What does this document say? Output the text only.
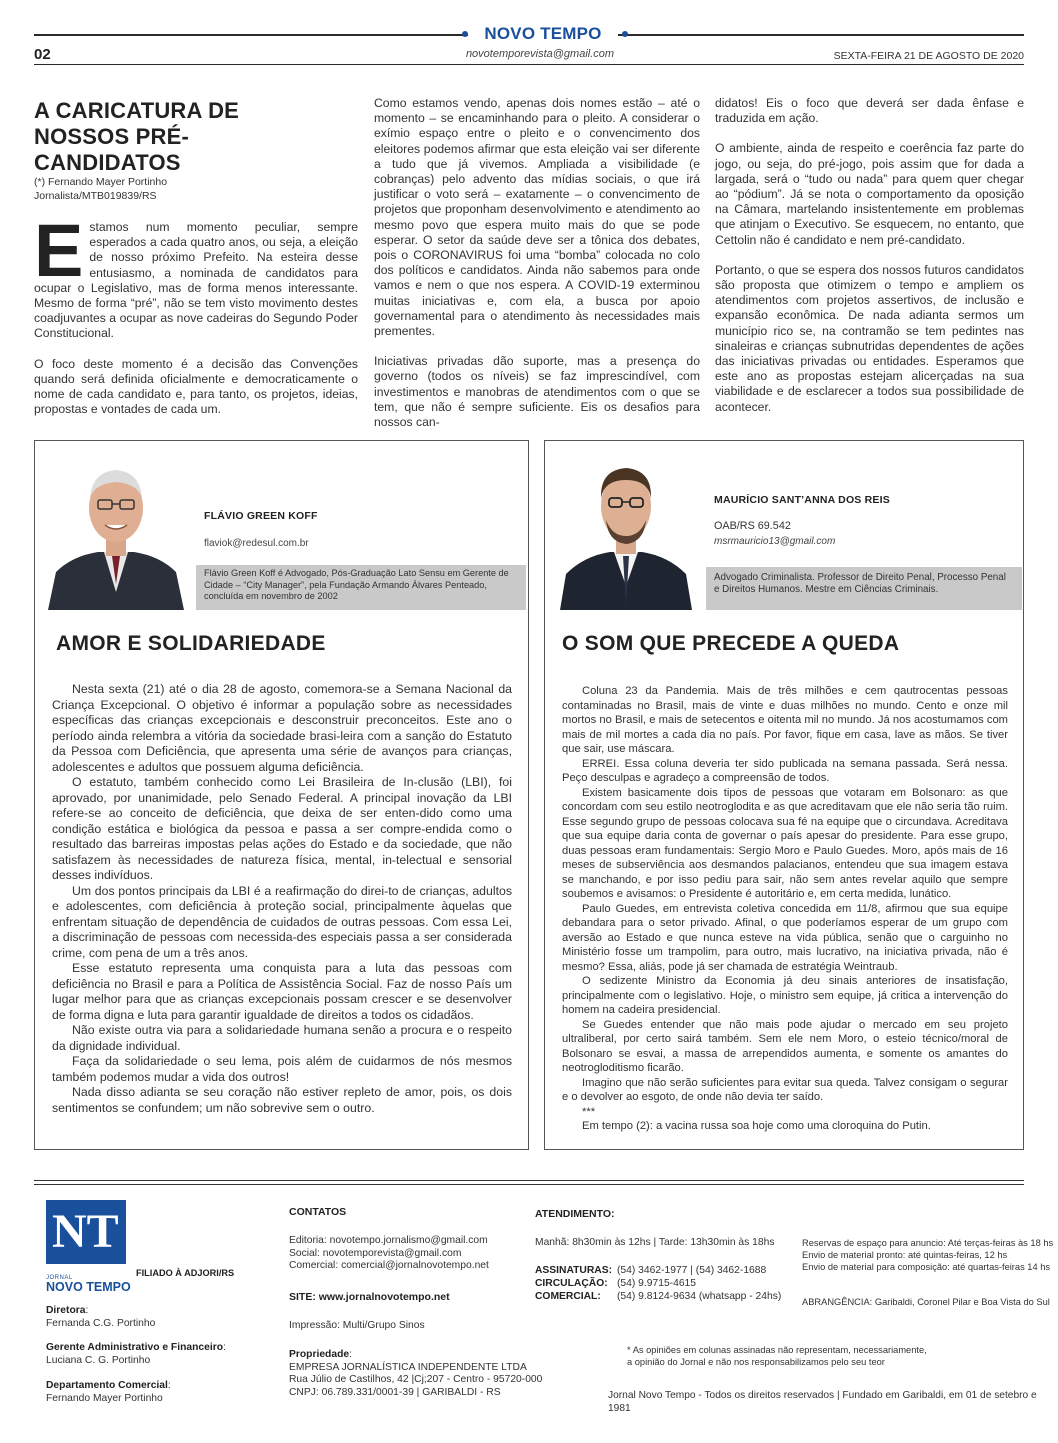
NOVO TEMPO
02	novotemporevista@gmail.com	SEXTA-FEIRA 21 DE AGOSTO DE 2020
A CARICATURA DE NOSSOS PRÉ-CANDIDATOS
(*) Fernando Mayer Portinho
Jornalista/MTB019839/RS

Estamos num momento peculiar, sempre esperados a cada quatro anos, ou seja, a eleição de nosso próximo Prefeito. Na esteira desse entusiasmo, a nominada de candidatos para ocupar o Legislativo, mas de forma menos interessante. Mesmo de forma “pré”, não se tem visto movimento destes coadjuvantes a ocupar as nove cadeiras do Segundo Poder Constitucional.

O foco deste momento é a decisão das Convenções quando será definida oficialmente e democraticamente o nome de cada candidato e, para tanto, os projetos, ideias, propostas e vontades de cada um.

Como estamos vendo, apenas dois nomes estão – até o momento – se encaminhando para o pleito. A considerar o exímio espaço entre o pleito e o convencimento dos eleitores podemos afirmar que esta eleição vai ser diferente a tudo que já vivemos. Ampliada a visibilidade (e cobranças) pelo advento das mídias sociais, o que irá justificar o voto será – exatamente – o convencimento de projetos que proponham desenvolvimento e atendimento ao mesmo povo que espera muito mais do que se pode esperar. O setor da saúde deve ser a tônica dos debates, pois o CORONAVIRUS foi uma “bomba” colocada no colo dos políticos e candidatos. Ainda não sabemos para onde vamos e nem o que nos espera. A COVID-19 exterminou muitas iniciativas e, com ela, a busca por apoio governamental para o atendimento às necessidades mais prementes.

Iniciativas privadas dão suporte, mas a presença do governo (todos os níveis) se faz imprescindível, com investimentos e manobras de atendimentos com o que se tem, que não é sempre suficiente. Eis os desafios para nossos can-

didatos! Eis o foco que deverá ser dada ênfase e traduzida em ação.

O ambiente, ainda de respeito e coerência faz parte do jogo, ou seja, do pré-jogo, pois assim que for dada a largada, será o “tudo ou nada” para quem quer chegar ao “pódium”. Já se nota o comportamento da oposição na Câmara, martelando insistentemente em problemas que atinjam o Executivo. Se esquecem, no entanto, que Cettolin não é candidato e nem pré-candidato.

Portanto, o que se espera dos nossos futuros candidatos são proposta que otimizem o tempo e ampliem os atendimentos com projetos assertivos, de inclusão e expansão econômica. De nada adianta sermos um município rico se, na contramão se tem pedintes nas sinaleiras e crianças subnutridas dependentes de ações das iniciativas privadas ou entidades. Esperamos que este ano as propostas estejam alicerçadas na sua viabilidade e de esclarecer a todos sua possibilidade de acontecer.

FLÁVIO GREEN KOFF
flaviok@redesul.com.br
Flávio Green Koff é Advogado, Pós-Graduação Lato Sensu em Gerente de Cidade – “City Manager”, pela Fundação Armando Álvares Penteado, concluída em novembro de 2002
AMOR E SOLIDARIEDADE

Nesta sexta (21) até o dia 28 de agosto, comemora-se a Semana Nacional da Criança Excepcional. O objetivo é informar a população sobre as necessidades específicas das crianças excepcionais e desconstruir preconceitos. Este ano o período ainda relembra a vitória da sociedade brasi-leira com a sanção do Estatuto da Pessoa com Deficiência, que apresenta uma série de avanços para crianças, adolescentes e adultos que possuem alguma deficiência.

O estatuto, também conhecido como Lei Brasileira de In-clusão (LBI), foi aprovado, por unanimidade, pelo Senado Federal. A principal inovação da LBI refere-se ao conceito de deficiência, que deixa de ser enten-dido como uma condição estática e biológica da pessoa e passa a ser compre-endida como o resultado das barreiras impostas pelas ações do Estado e da sociedade, que não satisfazem às necessidades de natureza física, mental, in-telectual e sensorial desses indivíduos.

Um dos pontos principais da LBI é a reafirmação do direi-to de crianças, adultos e adolescentes, com deficiência à proteção social, principalmente àquelas que enfrentam situação de dependência de cuidados de outras pessoas. Com essa Lei, a discriminação de pessoas com necessida-des especiais passa a ser considerada crime, com pena de um a três anos.

Esse estatuto representa uma conquista para a luta das pessoas com deficiência no Brasil e para a Política de Assistência Social. Faz de nosso País um lugar melhor para que as crianças excepcionais possam crescer e se desenvolver de forma digna e luta para garantir igualdade de direitos a todos os cidadãos.

Não existe outra via para a solidariedade humana senão a procura e o respeito da dignidade individual.

Faça da solidariedade o seu lema, pois além de cuidarmos de nós mesmos também podemos mudar a vida dos outros!

Nada disso adianta se seu coração não estiver repleto de amor, pois, os dois sentimentos se confundem; um não sobrevive sem o outro.

MAURÍCIO SANT’ANNA DOS REIS
OAB/RS 69.542
msrmauricio13@gmail.com
Advogado Criminalista. Professor de Direito Penal, Processo Penal e Direitos Humanos. Mestre em Ciências Criminais.
O SOM QUE PRECEDE A QUEDA

Coluna 23 da Pandemia. Mais de três milhões e cem qautrocentas pessoas contaminadas no Brasil, mais de vinte e duas milhões no mundo. Cento e onze mil mortos no Brasil, e mais de setecentos e oitenta mil no mundo. Já nos acostumamos com mais de mil mortes a cada dia no país. Por favor, fique em casa, lave as mãos. Se tiver que sair, use máscara.

ERREI. Essa coluna deveria ter sido publicada na semana passada. Será nessa. Peço desculpas e agradeço a compreensão de todos.

Existem basicamente dois tipos de pessoas que votaram em Bolsonaro: as que concordam com seu estilo neotroglodita e as que acreditavam que ele não seria tão ruim. Esse segundo grupo de pessoas colocava sua fé na equipe que o circundava. Acreditava que sua equipe daria conta de governar o país apesar do presidente. Para esse grupo, duas pessoas eram fundamentais: Sergio Moro e Paulo Guedes. Moro, após mais de 16 meses de subserviência aos desmandos palacianos, entendeu que sua imagem estava se manchando, e por isso pediu para sair, não sem antes revelar aquilo que sempre soubemos e avisamos: o Presidente é autoritário e, em certa medida, lunático.

Paulo Guedes, em entrevista coletiva concedida em 11/8, afirmou que sua equipe debandara para o setor privado. Afinal, o que poderíamos esperar de um grupo com aversão ao Estado e que nunca esteve na vida pública, senão que o carguinho no Ministério fosse um trampolim, para outro, mais lucrativo, na iniciativa privada, não é mesmo? Essa, aliás, pode já ser chamada de estratégia Weintraub.

O sedizente Ministro da Economia já deu sinais anteriores de insatisfação, principalmente com o legislativo. Hoje, o ministro sem equipe, já critica a intervenção do homem na cadeira presidencial.

Se Guedes entender que não mais pode ajudar o mercado em seu projeto ultraliberal, por certo sairá também. Sem ele nem Moro, o esteio técnico/moral de Bolsonaro se esvai, a massa de arrependidos aumenta, e somente os amantes do neotrogloditismo ficarão.

Imagino que não serão suficientes para evitar sua queda. Talvez consigam o segurar e o devolver ao esgoto, de onde não devia ter saído.

***

Em tempo (2): a vacina russa soa hoje como uma cloroquina do Putin.

NT
JORNAL
NOVO TEMPO
FILIADO À ADJORI/RS
Diretora:
Fernanda C.G. Portinho
Gerente Administrativo e Financeiro:
Luciana C. G. Portinho
Departamento Comercial:
Fernando Mayer Portinho
CONTATOS
Editoria: novotempo.jornalismo@gmail.com
Social: novotemporevista@gmail.com
Comercial: comercial@jornalnovotempo.net
SITE: www.jornalnovotempo.net
Impressão: Multi/Grupo Sinos
Propriedade:
EMPRESA JORNALÍSTICA INDEPENDENTE LTDA
Rua Júlio de Castilhos, 42 |Cj;207 - Centro - 95720-000
CNPJ: 06.789.331/0001-39 | GARIBALDI - RS
ATENDIMENTO:
Manhã: 8h30min às 12hs | Tarde: 13h30min às 18hs
ASSINATURAS: (54) 3462-1977 | (54) 3462-1688
CIRCULAÇÃO: (54) 9.9715-4615
COMERCIAL: (54) 9.8124-9634 (whatsapp - 24hs)
Reservas de espaço para anuncio: Até terças-feiras às 18 hs
Envio de material pronto: até quintas-feiras, 12 hs
Envio de material para composição: até quartas-feiras 14 hs
ABRANGÊNCIA: Garibaldi, Coronel Pilar e Boa Vista do Sul
* As opiniões em colunas assinadas não representam, necessariamente,
a opinião do Jornal e não nos responsabilizamos pelo seu teor
Jornal Novo Tempo - Todos os direitos reservados | Fundado em Garibaldi, em 01 de setebro e 1981
